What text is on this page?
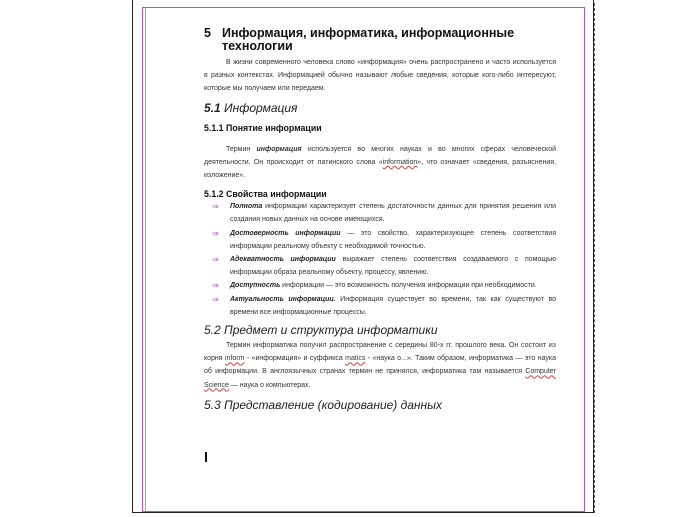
5 Информация, информатика, информационные
технологии

В жизни современного человека слово «информация» очень распространено и часто используется в разных контекстах. Информацией обычно называют любые сведения, которые кого-либо интересуют, которые мы получаем или передаем.

5.1 Информация
5.1.1 Понятие информации

Термин информация используется во многих науках и во многих сферах человеческой деятельности. Он происходит от латинского слова «information», что означает «сведения, разъяснения, изложение».

5.1.2 Свойства информации
⇒ Полнота информации характеризует степень достаточности данных для принятия решения или создания новых данных на основе имеющихся.
⇒ Достоверность информации — это свойство, характеризующее степень соответствия информации реальному объекту с необходимой точностью.
⇒ Адекватность информации выражает степень соответствия создаваемого с помощью информации образа реальному объекту, процессу, явлению.
⇒ Доступность информации — это возможность получения информации при необходимости.
⇒ Актуальность информации. Информация существует во времени, так как существуют во времени все информационные процессы.
5.2 Предмет и структура информатики

Термин информатика получил распространение с середины 80-х гг. прошлого века. Он состоит из корня inform - «информация» и суффикса matics - «наука о...». Таким образом, информатика — это наука об информации. В англоязычных странах термин не принялся, информатика там называется Computer Science — наука о компьютерах.

5.3 Представление (кодирование) данных
